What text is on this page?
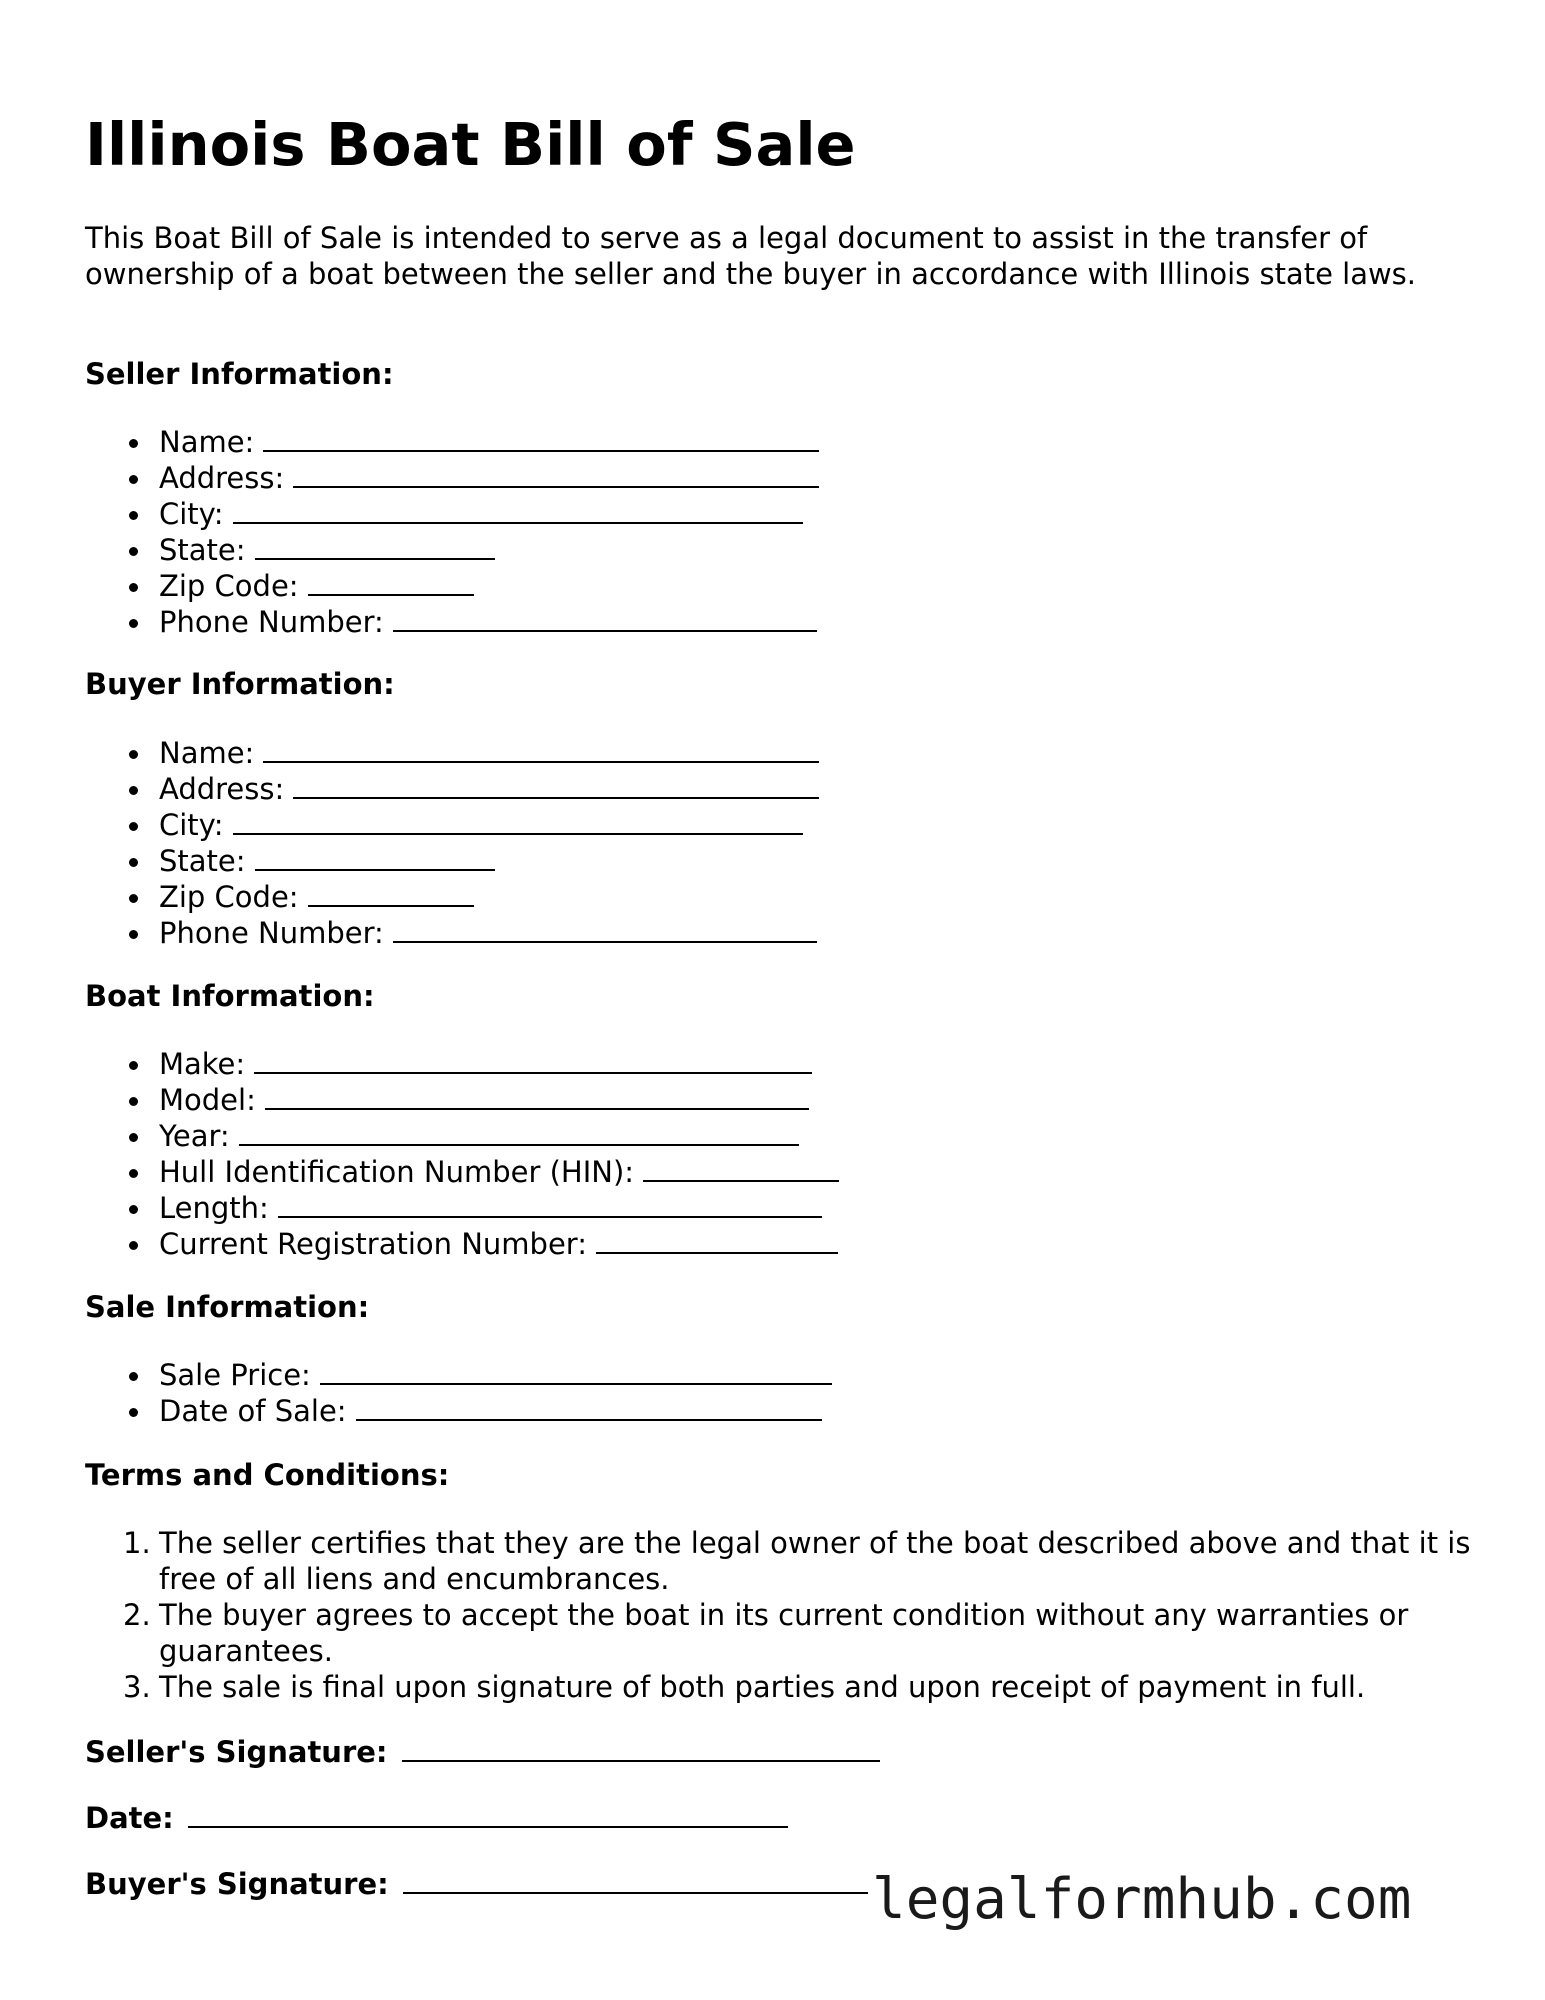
Illinois Boat Bill of Sale

This Boat Bill of Sale is intended to serve as a legal document to assist in the transfer of ownership of a boat between the seller and the buyer in accordance with Illinois state laws.

Seller Information:

Name:
Address:
City:
State:
Zip Code:
Phone Number:

Buyer Information:

Name:
Address:
City:
State:
Zip Code:
Phone Number:

Boat Information:

Make:
Model:
Year:
Hull Identification Number (HIN):
Length:
Current Registration Number:

Sale Information:

Sale Price:
Date of Sale:

Terms and Conditions:

1. The seller certifies that they are the legal owner of the boat described above and that it is free of all liens and encumbrances.
2. The buyer agrees to accept the boat in its current condition without any warranties or guarantees.
3. The sale is final upon signature of both parties and upon receipt of payment in full.

Seller's Signature:

Date:

Buyer's Signature:	legalformhub.com
